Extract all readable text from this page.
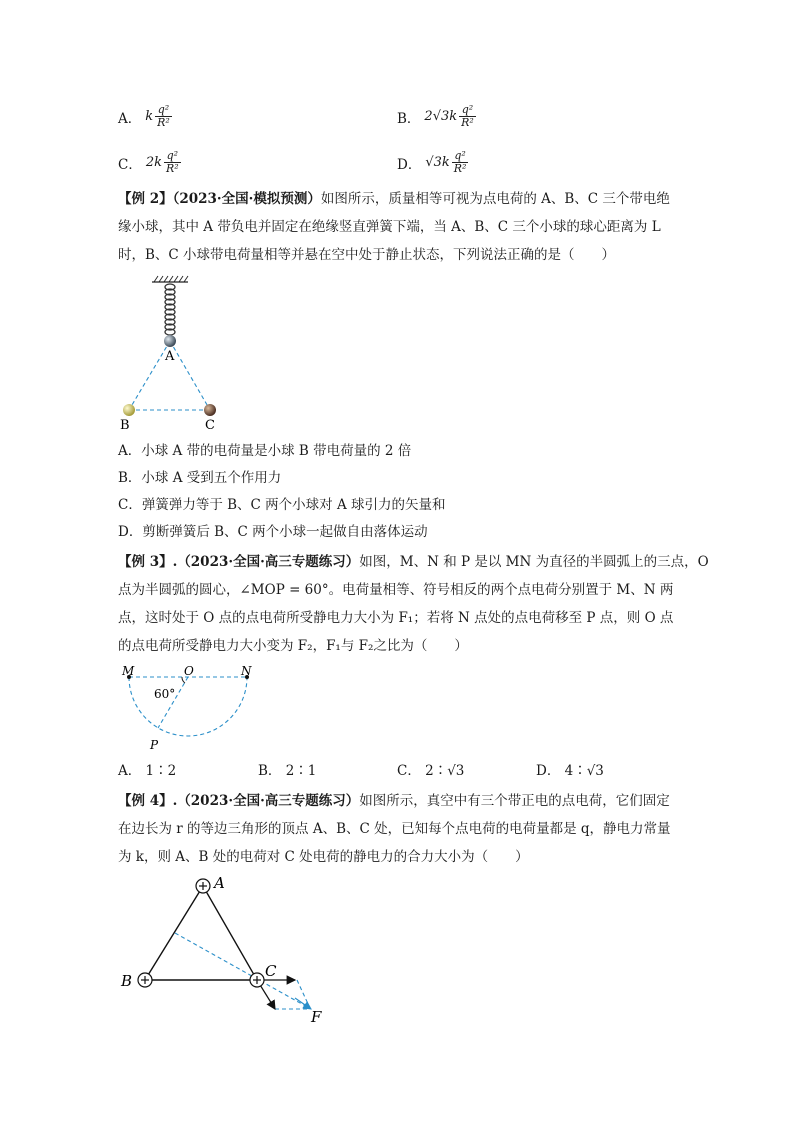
A． k $\frac{\text{q²}}{\text{R²}}$	B． $2√3k \frac{\text{q²}}{\text{R²}}$
C． $2k \frac{\text{q²}}{\text{R²}}$	D． $√3k \frac{\text{q²}}{\text{R²}}$
【例 2】（2023·全国·模拟预测）如图所示，质量相等可视为点电荷的 A、B、C 三个带电绝
缘小球，其中 A 带负电并固定在绝缘竖直弹簧下端，当 A、B、C 三个小球的球心距离为 L
时，B、C 小球带电荷量相等并悬在空中处于静止状态，下列说法正确的是（　　）
A
B	C
A．小球 A 带的电荷量是小球 B 带电荷量的 2 倍
B．小球 A 受到五个作用力
C．弹簧弹力等于 B、C 两个小球对 A 球引力的矢量和
D．剪断弹簧后 B、C 两个小球一起做自由落体运动
【例 3】.（2023·全国·高三专题练习）如图，M、N 和 P 是以 MN 为直径的半圆弧上的三点，O
点为半圆弧的圆心，∠MOP = 60°。电荷量相等、符号相反的两个点电荷分别置于 M、N 两
点，这时处于 O 点的点电荷所受静电力大小为 F₁；若将 N 点处的点电荷移至 P 点，则 O 点
的点电荷所受静电力大小变为 F₂，F₁与 F₂之比为（　　）
M	O	N
60°
P
A． 1∶2	B． 2∶1	C． 2∶√3	D． 4∶√3
【例 4】.（2023·全国·高三专题练习）如图所示，真空中有三个带正电的点电荷，它们固定
在边长为 r 的等边三角形的顶点 A、B、C 处，已知每个点电荷的电荷量都是 q，静电力常量
为 k，则 A、B 处的电荷对 C 处电荷的静电力的合力大小为（　　）
A
B
C
F
